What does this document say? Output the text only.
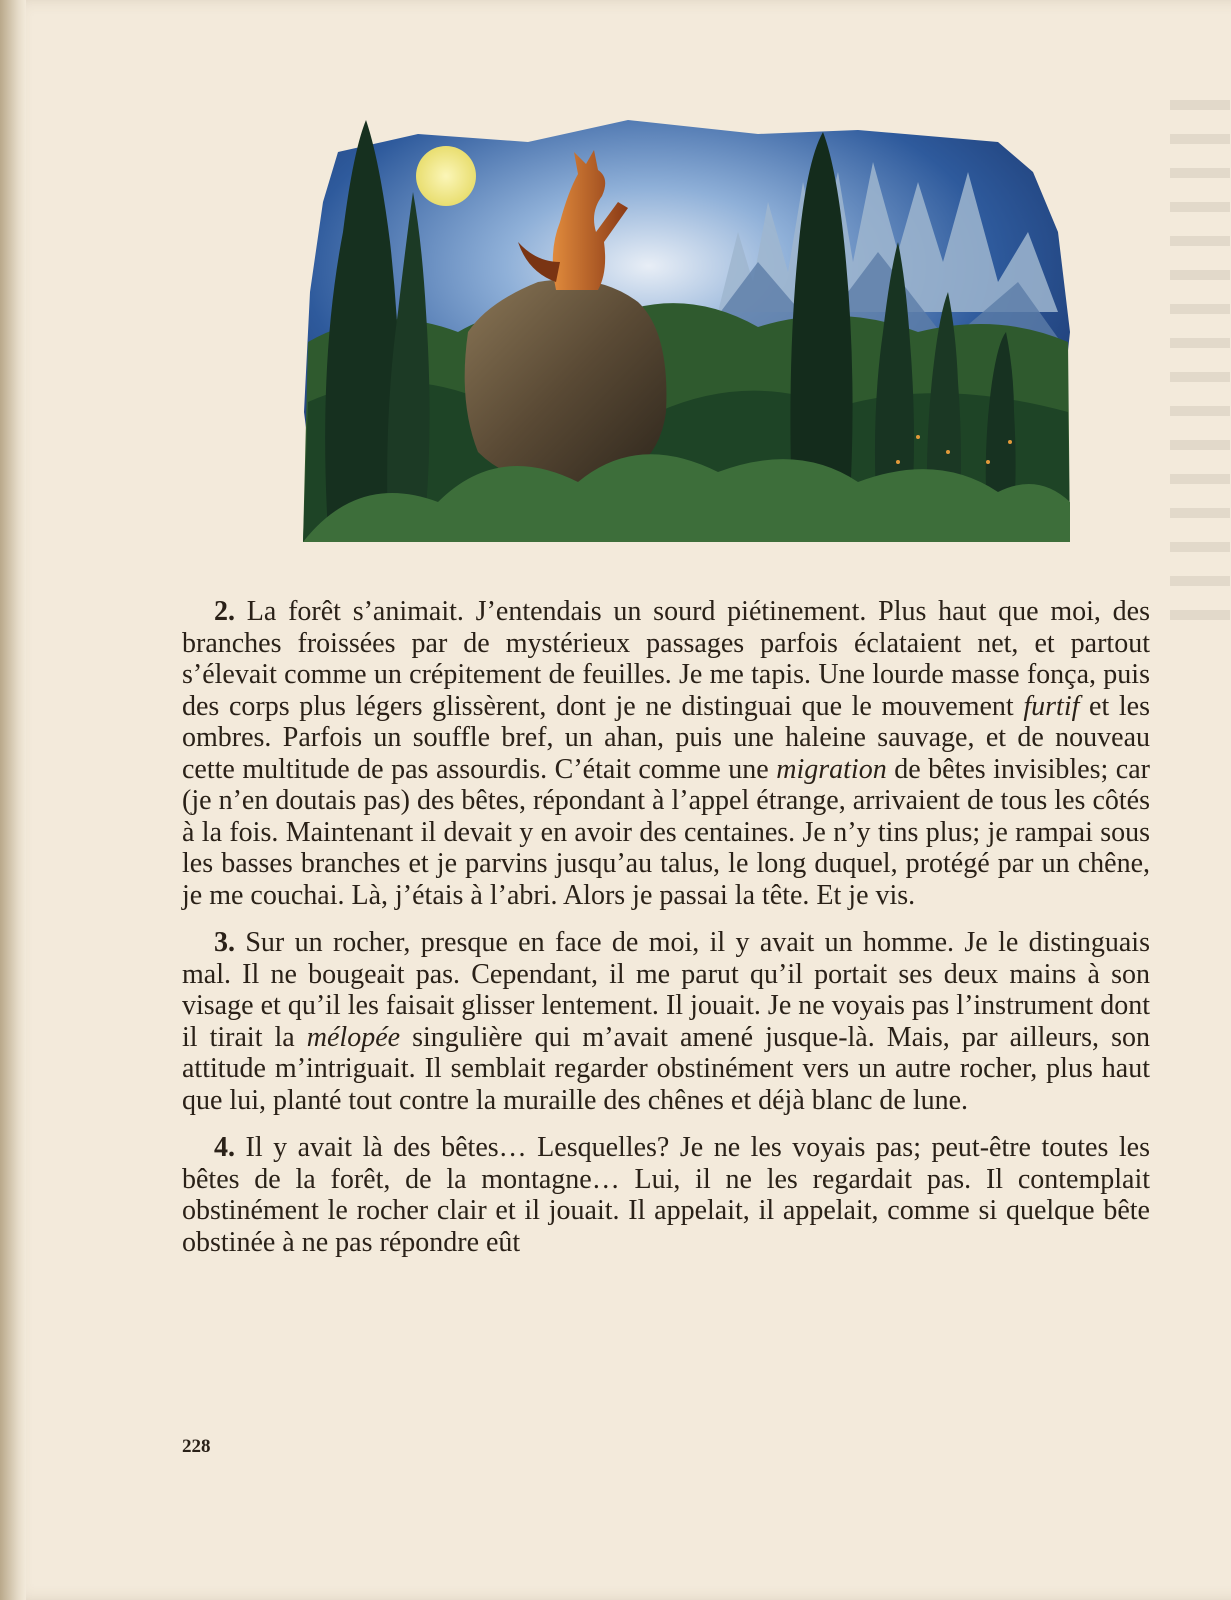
2. La forêt s’animait. J’entendais un sourd piétinement. Plus haut que moi, des branches froissées par de mystérieux passages parfois éclataient net, et partout s’élevait comme un crépitement de feuilles. Je me tapis. Une lourde masse fonça, puis des corps plus légers glissèrent, dont je ne distinguai que le mouvement furtif et les ombres. Parfois un souffle bref, un ahan, puis une haleine sauvage, et de nouveau cette multitude de pas assourdis. C’était comme une migration de bêtes invisibles; car (je n’en doutais pas) des bêtes, répondant à l’appel étrange, arrivaient de tous les côtés à la fois. Maintenant il devait y en avoir des centaines. Je n’y tins plus; je rampai sous les basses branches et je parvins jusqu’au talus, le long duquel, protégé par un chêne, je me couchai. Là, j’étais à l’abri. Alors je passai la tête. Et je vis.

3. Sur un rocher, presque en face de moi, il y avait un homme. Je le distinguais mal. Il ne bougeait pas. Cependant, il me parut qu’il portait ses deux mains à son visage et qu’il les faisait glisser lentement. Il jouait. Je ne voyais pas l’instrument dont il tirait la mélopée singulière qui m’avait amené jusque-là. Mais, par ailleurs, son attitude m’intriguait. Il semblait regarder obstinément vers un autre rocher, plus haut que lui, planté tout contre la muraille des chênes et déjà blanc de lune.

4. Il y avait là des bêtes… Lesquelles? Je ne les voyais pas; peut-être toutes les bêtes de la forêt, de la montagne… Lui, il ne les regardait pas. Il contemplait obstinément le rocher clair et il jouait. Il appelait, il appelait, comme si quelque bête obstinée à ne pas répondre eût

228
